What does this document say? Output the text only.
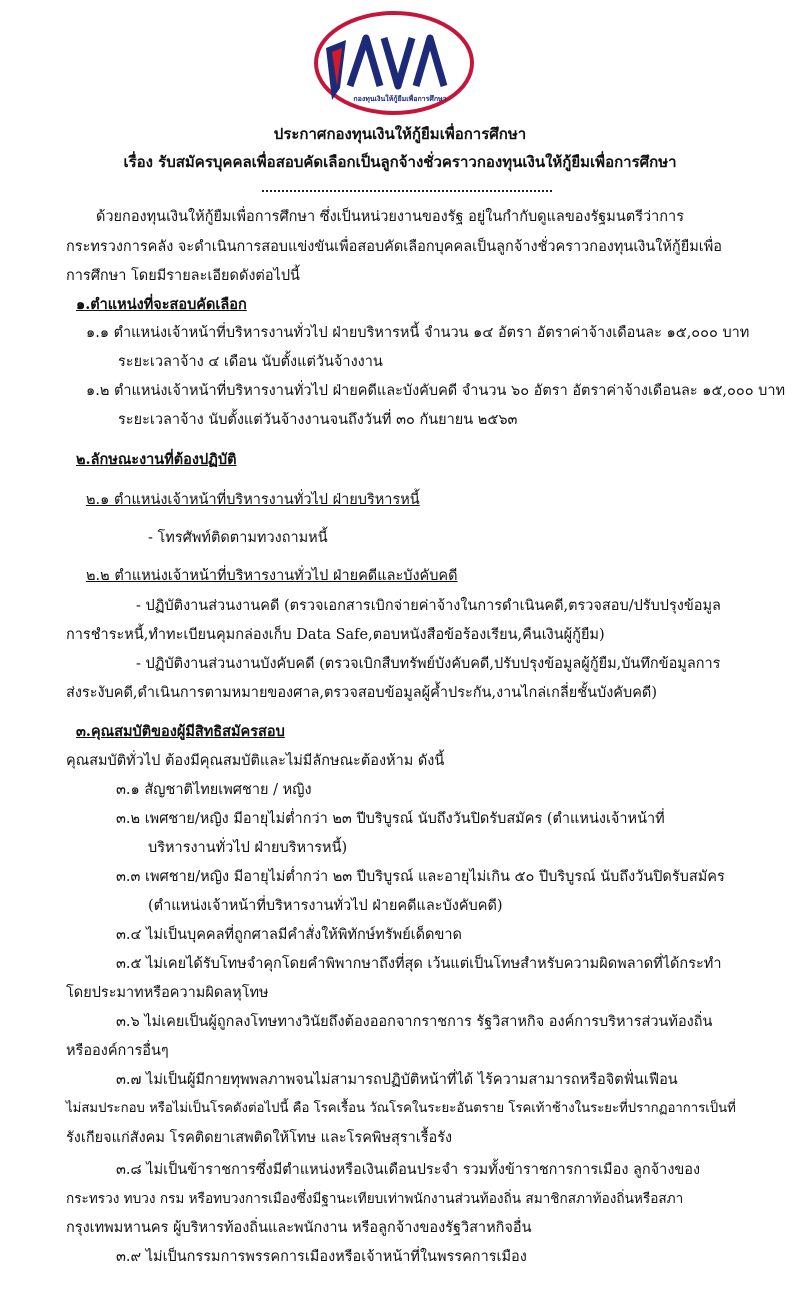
กองทุนเงินให้กู้ยืมเพื่อการศึกษา
ประกาศกองทุนเงินให้กู้ยืมเพื่อการศึกษา
เรื่อง รับสมัครบุคคลเพื่อสอบคัดเลือกเป็นลูกจ้างชั่วคราวกองทุนเงินให้กู้ยืมเพื่อการศึกษา
ด้วยกองทุนเงินให้กู้ยืมเพื่อการศึกษา ซึ่งเป็นหน่วยงานของรัฐ อยู่ในกำกับดูแลของรัฐมนตรีว่าการ
กระทรวงการคลัง จะดำเนินการสอบแข่งขันเพื่อสอบคัดเลือกบุคคลเป็นลูกจ้างชั่วคราวกองทุนเงินให้กู้ยืมเพื่อ
การศึกษา โดยมีรายละเอียดดังต่อไปนี้
๑.ตำแหน่งที่จะสอบคัดเลือก
๑.๑ ตำแหน่งเจ้าหน้าที่บริหารงานทั่วไป ฝ่ายบริหารหนี้ จำนวน ๑๔ อัตรา อัตราค่าจ้างเดือนละ ๑๕,๐๐๐ บาท
ระยะเวลาจ้าง ๔ เดือน นับตั้งแต่วันจ้างงาน
๑.๒ ตำแหน่งเจ้าหน้าที่บริหารงานทั่วไป ฝ่ายคดีและบังคับคดี จำนวน ๖๐ อัตรา อัตราค่าจ้างเดือนละ ๑๕,๐๐๐ บาท
ระยะเวลาจ้าง นับตั้งแต่วันจ้างงานจนถึงวันที่ ๓๐ กันยายน ๒๕๖๓
๒.ลักษณะงานที่ต้องปฏิบัติ
๒.๑ ตำแหน่งเจ้าหน้าที่บริหารงานทั่วไป ฝ่ายบริหารหนี้
- โทรศัพท์ติดตามทวงถามหนี้
๒.๒ ตำแหน่งเจ้าหน้าที่บริหารงานทั่วไป ฝ่ายคดีและบังคับคดี
- ปฏิบัติงานส่วนงานคดี (ตรวจเอกสารเบิกจ่ายค่าจ้างในการดำเนินคดี,ตรวจสอบ/ปรับปรุงข้อมูล
การชำระหนี้,ทำทะเบียนคุมกล่องเก็บ Data Safe,ตอบหนังสือข้อร้องเรียน,คืนเงินผู้กู้ยืม)
- ปฏิบัติงานส่วนงานบังคับคดี (ตรวจเบิกสืบทรัพย์บังคับคดี,ปรับปรุงข้อมูลผู้กู้ยืม,บันทึกข้อมูลการ
ส่งระงับคดี,ดำเนินการตามหมายของศาล,ตรวจสอบข้อมูลผู้ค้ำประกัน,งานไกล่เกลี่ยชั้นบังคับคดี)
๓.คุณสมบัติของผู้มีสิทธิสมัครสอบ
คุณสมบัติทั่วไป ต้องมีคุณสมบัติและไม่มีลักษณะต้องห้าม ดังนี้
๓.๑ สัญชาติไทยเพศชาย / หญิง
๓.๒ เพศชาย/หญิง มีอายุไม่ต่ำกว่า ๒๓ ปีบริบูรณ์ นับถึงวันปิดรับสมัคร (ตำแหน่งเจ้าหน้าที่
บริหารงานทั่วไป ฝ่ายบริหารหนี้)
๓.๓ เพศชาย/หญิง มีอายุไม่ต่ำกว่า ๒๓ ปีบริบูรณ์ และอายุไม่เกิน ๕๐ ปีบริบูรณ์ นับถึงวันปิดรับสมัคร
(ตำแหน่งเจ้าหน้าที่บริหารงานทั่วไป ฝ่ายคดีและบังคับคดี)
๓.๔ ไม่เป็นบุคคลที่ถูกศาลมีคำสั่งให้พิทักษ์ทรัพย์เด็ดขาด
๓.๕ ไม่เคยได้รับโทษจำคุกโดยคำพิพากษาถึงที่สุด เว้นแต่เป็นโทษสำหรับความผิดพลาดที่ได้กระทำ
โดยประมาทหรือความผิดลหุโทษ
๓.๖ ไม่เคยเป็นผู้ถูกลงโทษทางวินัยถึงต้องออกจากราชการ รัฐวิสาหกิจ องค์การบริหารส่วนท้องถิ่น
หรือองค์การอื่นๆ
๓.๗ ไม่เป็นผู้มีกายทุพพลภาพจนไม่สามารถปฏิบัติหน้าที่ได้ ไร้ความสามารถหรือจิตฟั่นเฟือน
ไม่สมประกอบ หรือไม่เป็นโรคดังต่อไปนี้ คือ โรคเรื้อน วัณโรคในระยะอันตราย โรคเท้าช้างในระยะที่ปรากฏอาการเป็นที่
รังเกียจแก่สังคม โรคติดยาเสพติดให้โทษ และโรคพิษสุราเรื้อรัง
๓.๘ ไม่เป็นข้าราชการซึ่งมีตำแหน่งหรือเงินเดือนประจำ รวมทั้งข้าราชการการเมือง ลูกจ้างของ
กระทรวง ทบวง กรม หรือทบวงการเมืองซึ่งมีฐานะเทียบเท่าพนักงานส่วนท้องถิ่น สมาชิกสภาท้องถิ่นหรือสภา
กรุงเทพมหานคร ผู้บริหารท้องถิ่นและพนักงาน หรือลูกจ้างของรัฐวิสาหกิจอื่น
๓.๙ ไม่เป็นกรรมการพรรคการเมืองหรือเจ้าหน้าที่ในพรรคการเมือง
